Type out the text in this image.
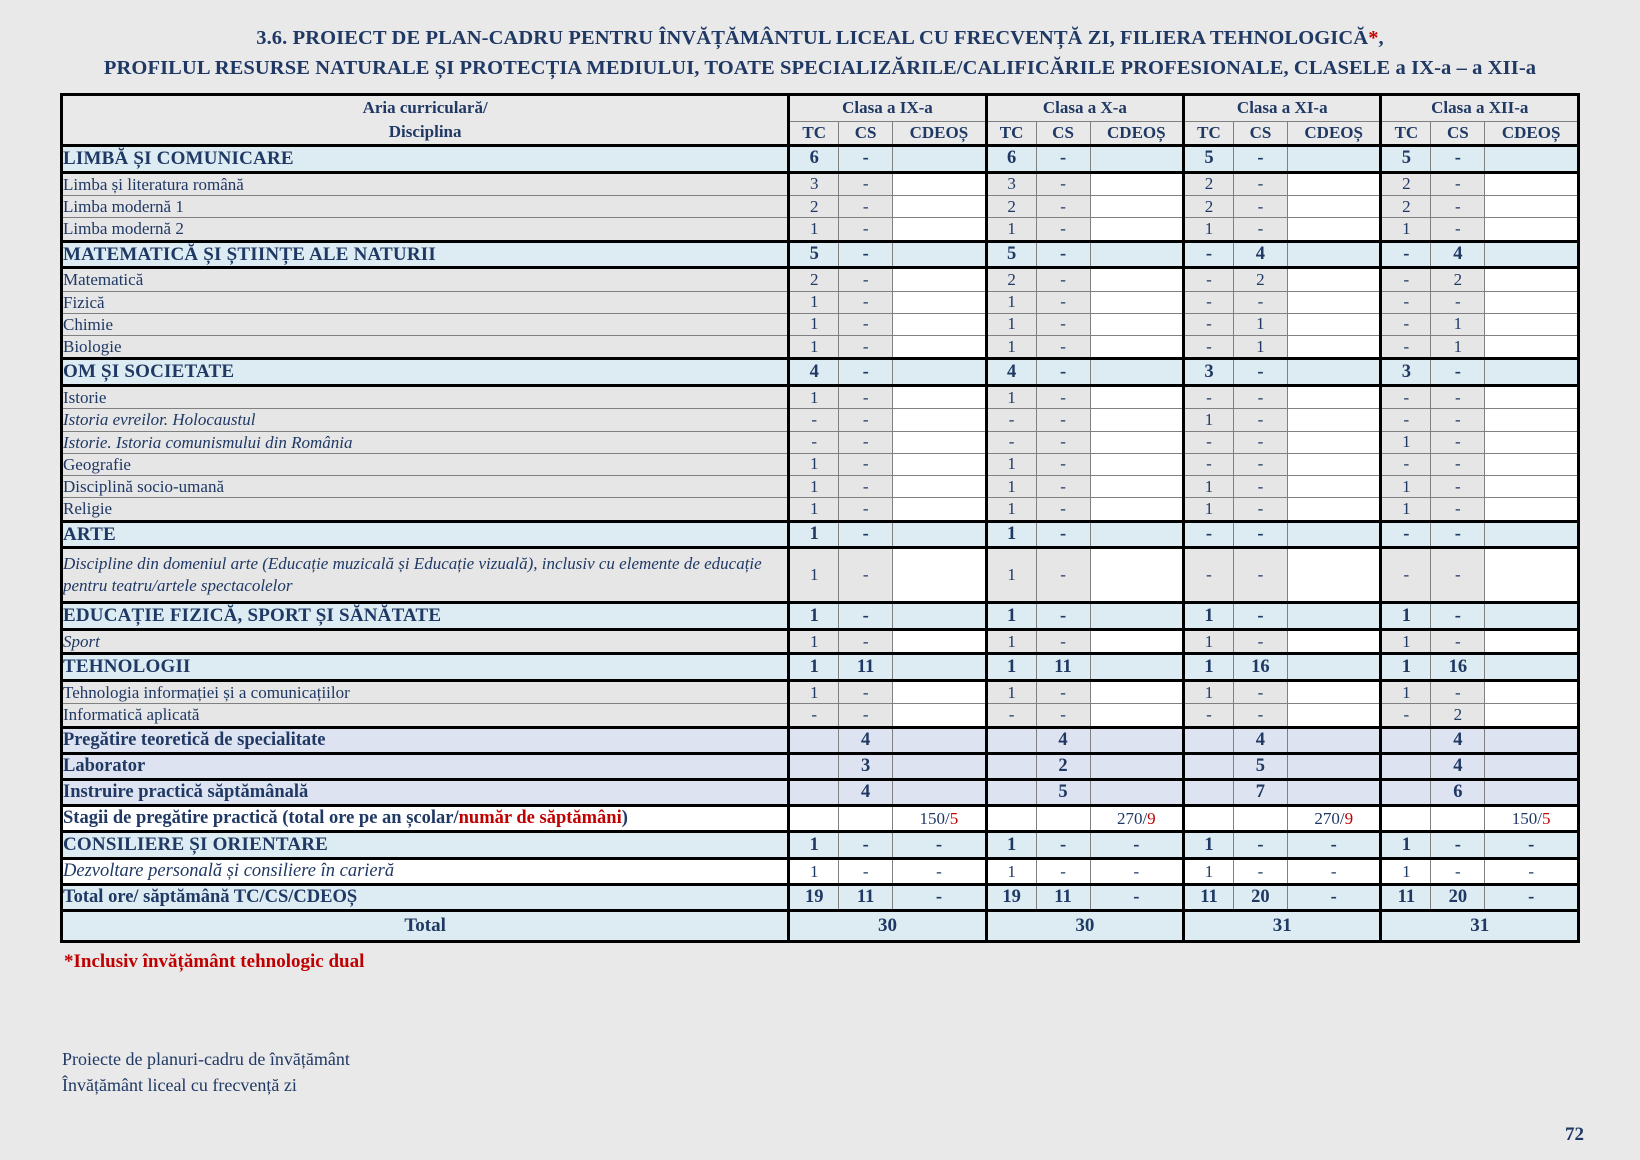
3.6. PROIECT DE PLAN-CADRU PENTRU ÎNVĂȚĂMÂNTUL LICEAL CU FRECVENȚĂ ZI, FILIERA TEHNOLOGICĂ*,
PROFILUL RESURSE NATURALE ȘI PROTECȚIA MEDIULUI, TOATE SPECIALIZĂRILE/CALIFICĂRILE PROFESIONALE, CLASELE a IX-a – a XII-a
Aria curriculară/
Disciplina	Clasa a IX-a			Clasa a X-a			Clasa a XI-a			Clasa a XII-a		
	TC	CS	CDEOȘ	TC	CS	CDEOȘ	TC	CS	CDEOȘ	TC	CS	CDEOȘ
LIMBĂ ȘI COMUNICARE	6	-		6	-		5	-		5	-	
Limba și literatura română	3	-		3	-		2	-		2	-	
Limba modernă 1	2	-		2	-		2	-		2	-	
Limba modernă 2	1	-		1	-		1	-		1	-	
MATEMATICĂ ȘI ȘTIINȚE ALE NATURII	5	-		5	-		-	4		-	4	
Matematică	2	-		2	-		-	2		-	2	
Fizică	1	-		1	-		-	-		-	-	
Chimie	1	-		1	-		-	1		-	1	
Biologie	1	-		1	-		-	1		-	1	
OM ȘI SOCIETATE	4	-		4	-		3	-		3	-	
Istorie	1	-		1	-		-	-		-	-	
Istoria evreilor. Holocaustul	-	-		-	-		1	-		-	-	
Istorie. Istoria comunismului din România	-	-		-	-		-	-		1	-	
Geografie	1	-		1	-		-	-		-	-	
Disciplină socio-umană	1	-		1	-		1	-		1	-	
Religie	1	-		1	-		1	-		1	-	
ARTE	1	-		1	-		-	-		-	-	
Discipline din domeniul arte (Educație muzicală și Educație vizuală), inclusiv cu elemente de educație pentru teatru/artele spectacolelor	1	-		1	-		-	-		-	-	
EDUCAȚIE FIZICĂ, SPORT ȘI SĂNĂTATE	1	-		1	-		1	-		1	-	
Sport	1	-		1	-		1	-		1	-	
TEHNOLOGII	1	11		1	11		1	16		1	16	
Tehnologia informației și a comunicațiilor	1	-		1	-		1	-		1	-	
Informatică aplicată	-	-		-	-		-	-		-	2	
Pregătire teoretică de specialitate		4			4			4			4	
Laborator		3			2			5			4	
Instruire practică săptămânală		4			5			7			6	
Stagii de pregătire practică (total ore pe an școlar/număr de săptămâni)			150/5			270/9			270/9			150/5
CONSILIERE ȘI ORIENTARE	1	-	-	1	-	-	1	-	-	1	-	-
Dezvoltare personală și consiliere în carieră	1	-	-	1	-	-	1	-	-	1	-	-
Total ore/ săptămână TC/CS/CDEOȘ	19	11	-	19	11	-	11	20	-	11	20	-
Total	30			30			31			31		
*Inclusiv învățământ tehnologic dual
Proiecte de planuri-cadru de învățământ
Învățământ liceal cu frecvență zi
72
